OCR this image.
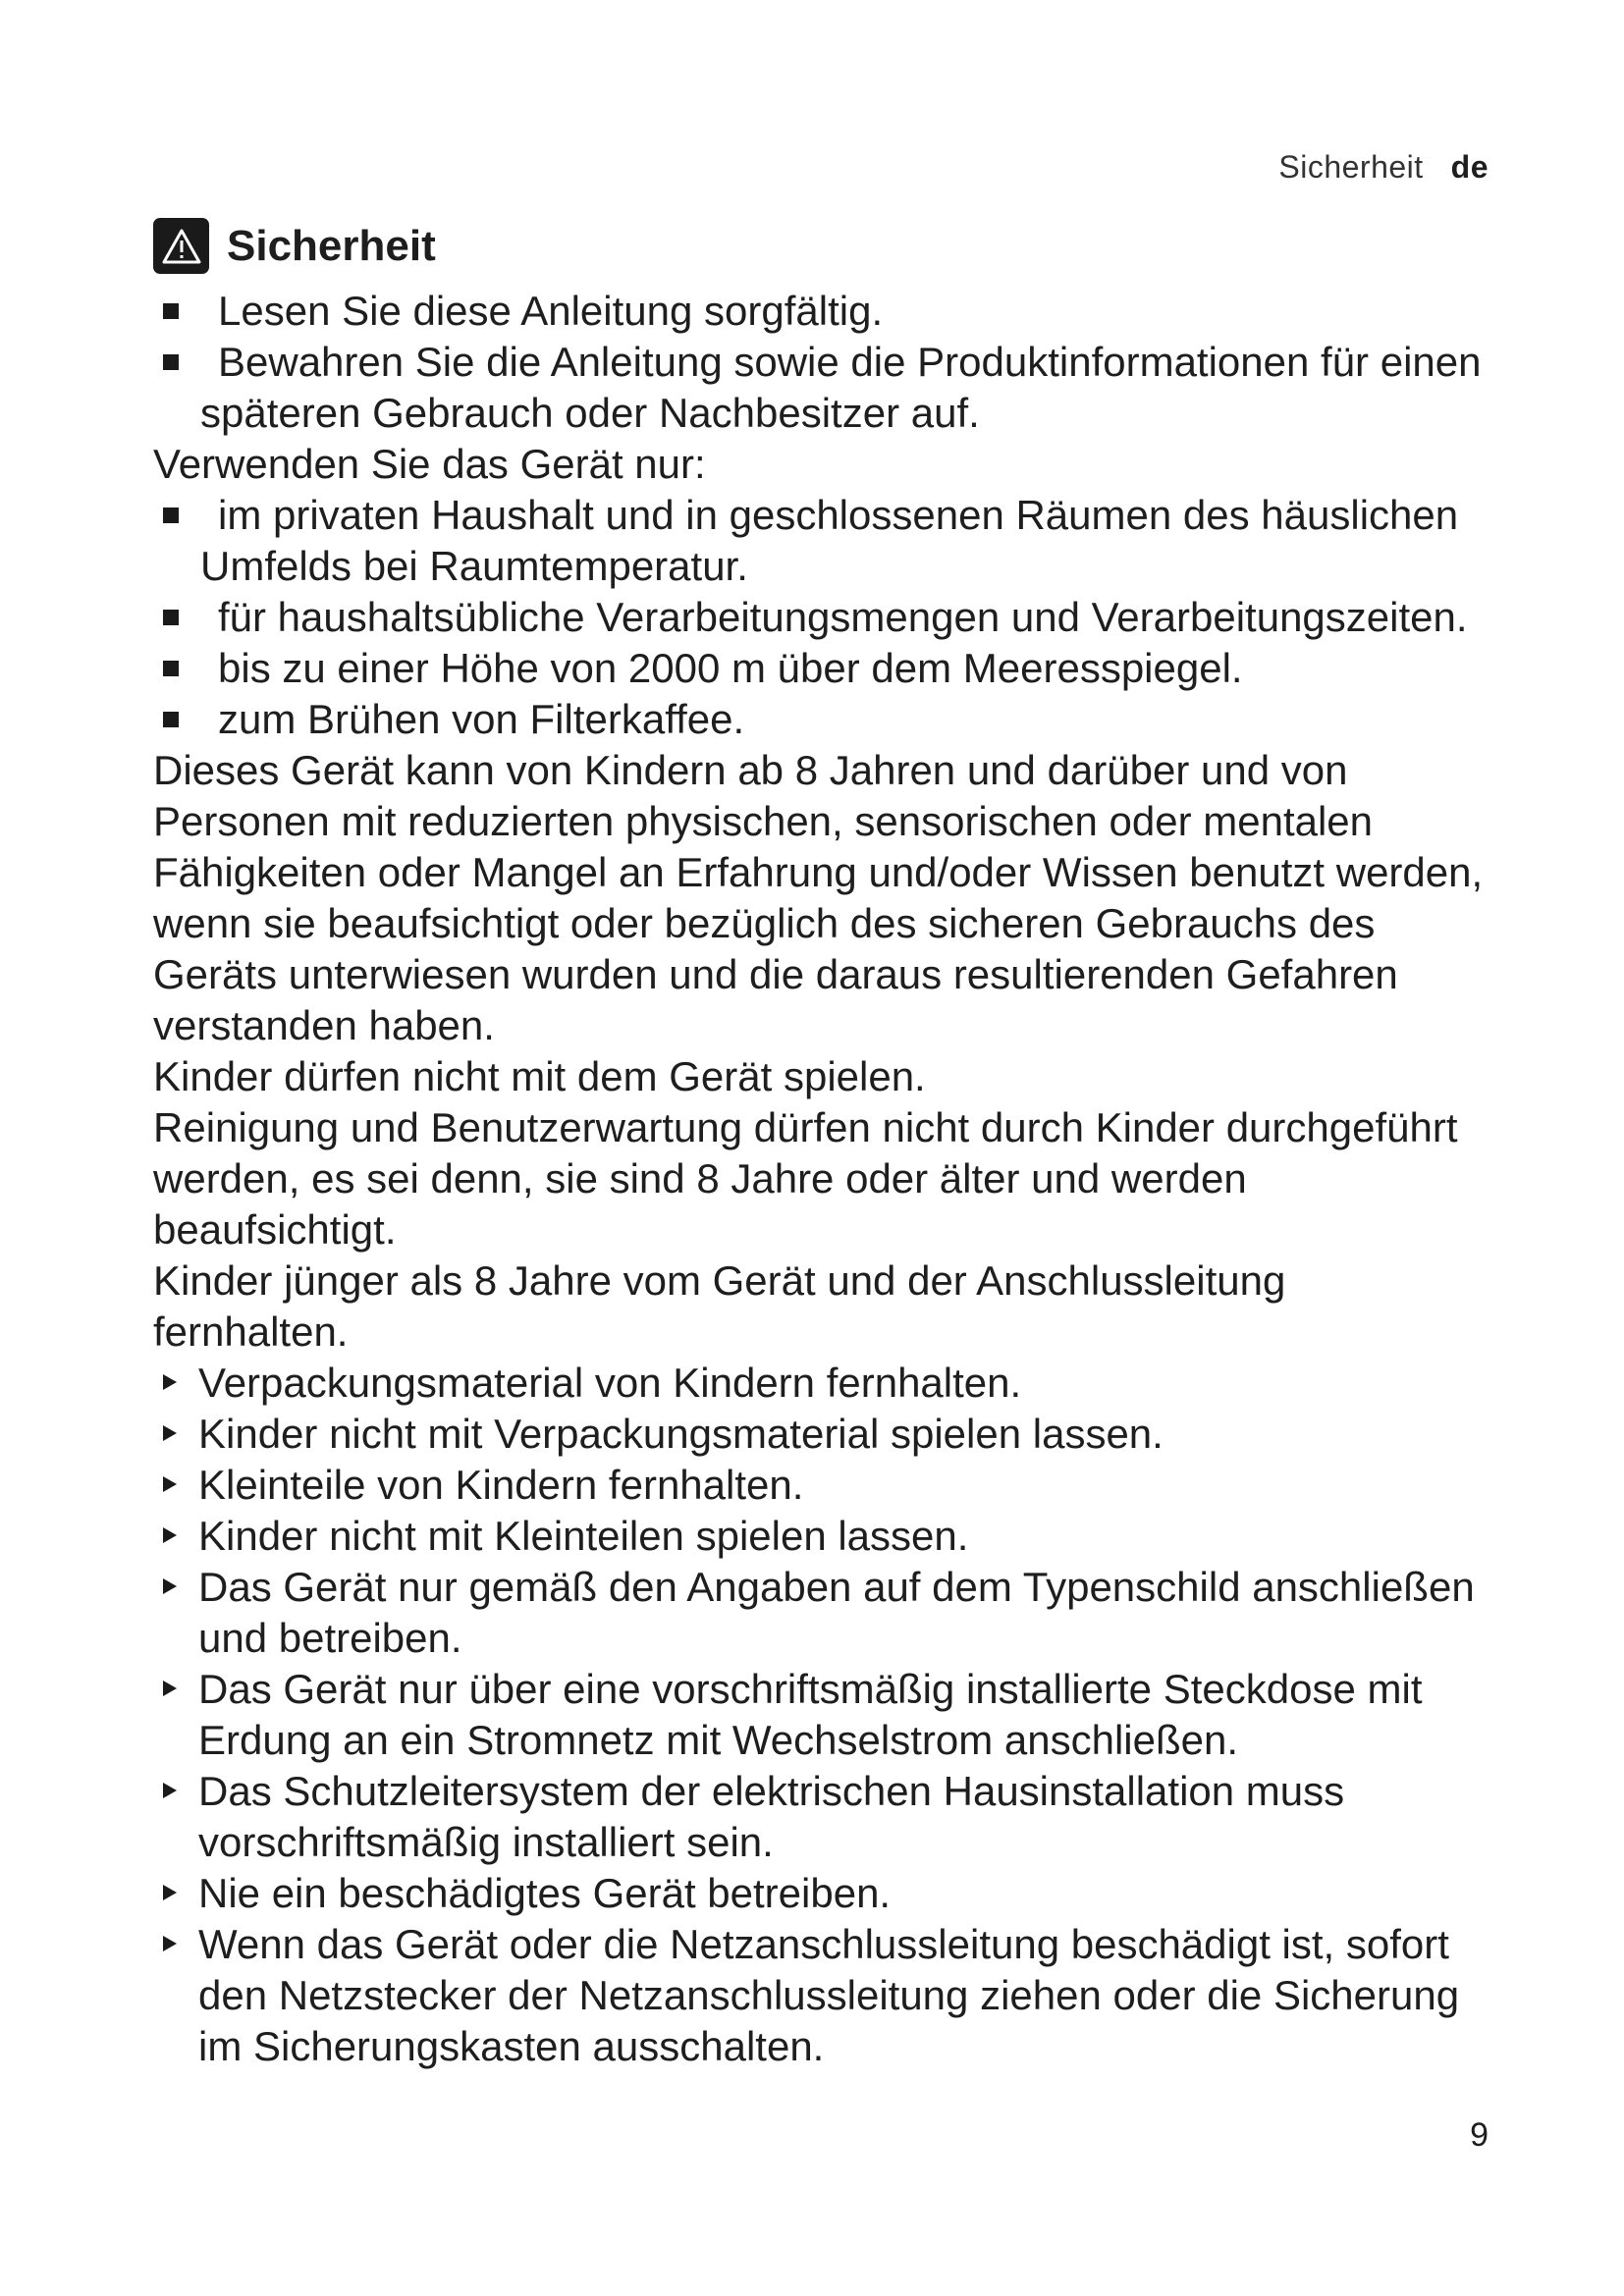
Sicherheit de
Sicherheit
Lesen Sie diese Anleitung sorgfältig.
Bewahren Sie die Anleitung sowie die Produktinformationen für einen späteren Gebrauch oder Nachbesitzer auf.

Verwenden Sie das Gerät nur:

im privaten Haushalt und in geschlossenen Räumen des häuslichen Umfelds bei Raumtemperatur.
für haushaltsübliche Verarbeitungsmengen und Verarbeitungszeiten.
bis zu einer Höhe von 2000 m über dem Meeresspiegel.
zum Brühen von Filterkaffee.

Dieses Gerät kann von Kindern ab 8 Jahren und darüber und von Personen mit reduzierten physischen, sensorischen oder mentalen Fähigkeiten oder Mangel an Erfahrung und/oder Wissen benutzt werden, wenn sie beaufsichtigt oder bezüglich des sicheren Gebrauchs des Geräts unterwiesen wurden und die daraus resultierenden Gefahren verstanden haben.

Kinder dürfen nicht mit dem Gerät spielen.

Reinigung und Benutzerwartung dürfen nicht durch Kinder durchgeführt werden, es sei denn, sie sind 8 Jahre oder älter und werden beaufsichtigt.

Kinder jünger als 8 Jahre vom Gerät und der Anschlussleitung fernhalten.

Verpackungsmaterial von Kindern fernhalten.
Kinder nicht mit Verpackungsmaterial spielen lassen.
Kleinteile von Kindern fernhalten.
Kinder nicht mit Kleinteilen spielen lassen.
Das Gerät nur gemäß den Angaben auf dem Typenschild anschließen und betreiben.
Das Gerät nur über eine vorschriftsmäßig installierte Steckdose mit Erdung an ein Stromnetz mit Wechselstrom anschließen.
Das Schutzleitersystem der elektrischen Hausinstallation muss vorschriftsmäßig installiert sein.
Nie ein beschädigtes Gerät betreiben.
Wenn das Gerät oder die Netzanschlussleitung beschädigt ist, sofort den Netzstecker der Netzanschlussleitung ziehen oder die Sicherung im Sicherungskasten ausschalten.
9
